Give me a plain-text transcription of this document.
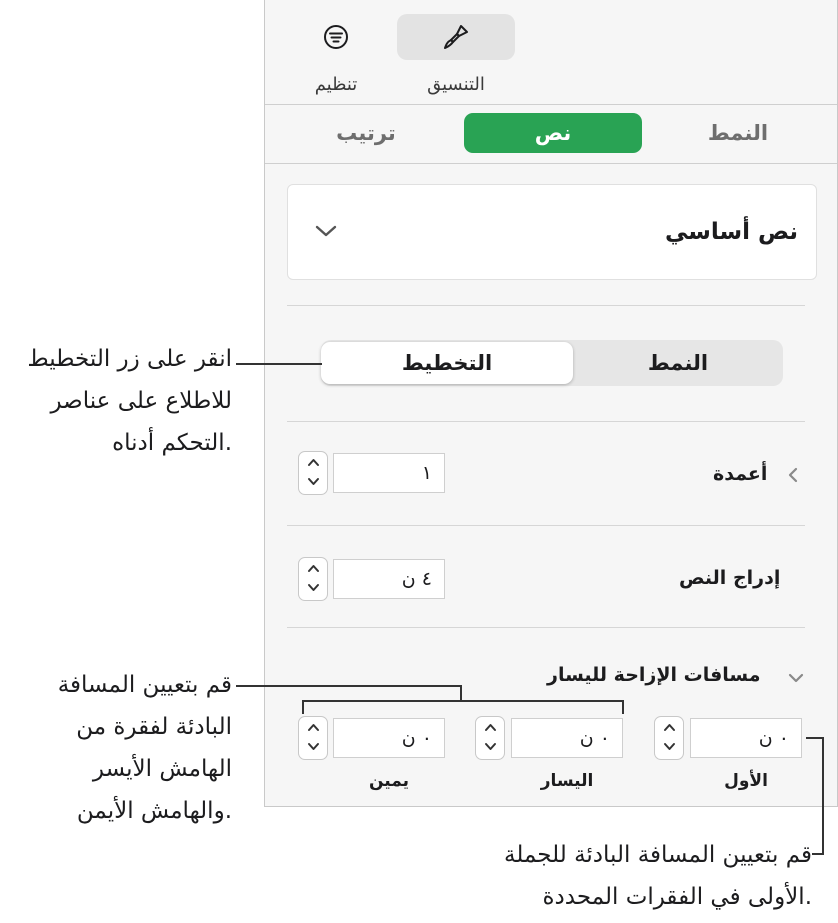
التنسيق
تنظيم
النمط
نص
ترتيب
نص أساسي
التخطيط	النمط
أعمدة
١
إدراج النص
٤ ن
مسافات الإزاحة لليسار
٠ ن
الأول
٠ ن
اليسار
٠ ن
يمين
انقر على زر التخطيط
للاطلاع على عناصر
التحكم أدناه.
قم بتعيين المسافة
البادئة لفقرة من
الهامش الأيسر
والهامش الأيمن.
قم بتعيين المسافة البادئة للجملة
الأولى في الفقرات المحددة.
